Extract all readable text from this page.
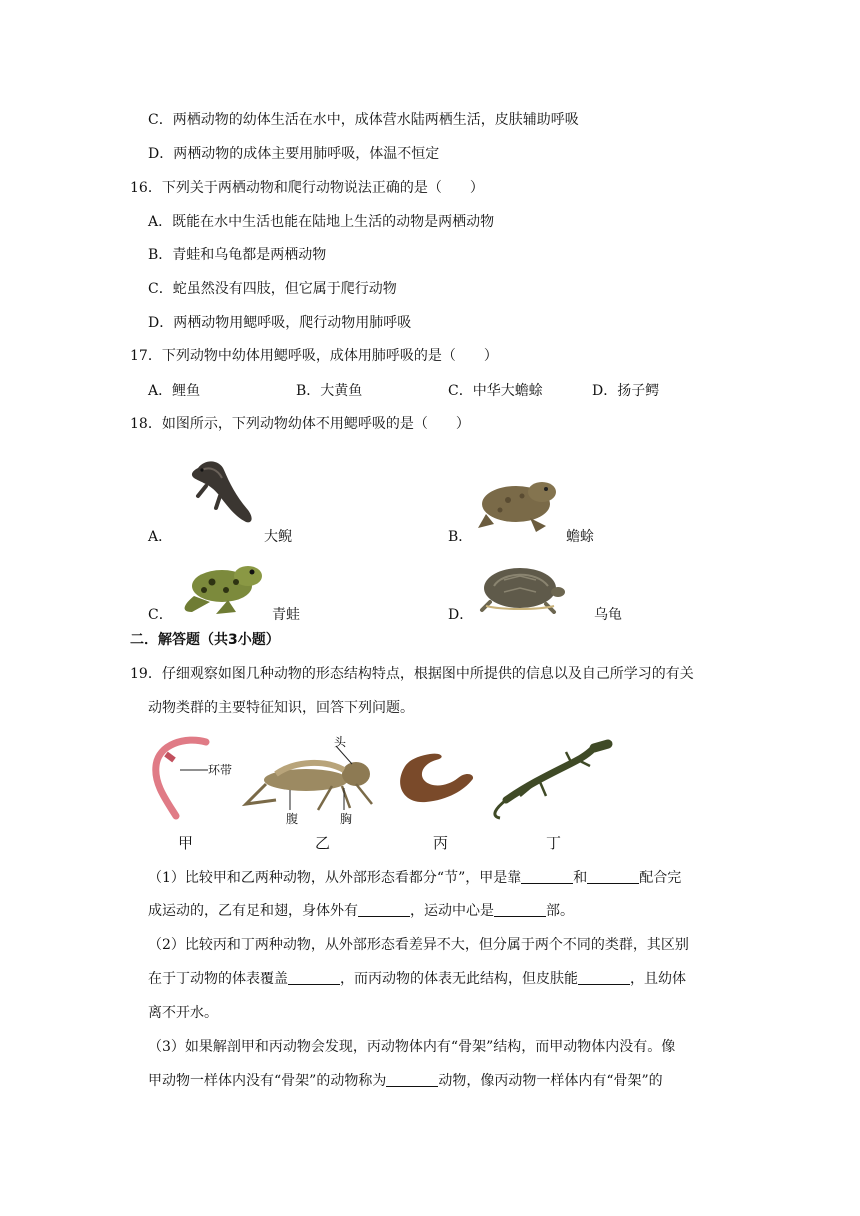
C．两栖动物的幼体生活在水中，成体营水陆两栖生活，皮肤辅助呼吸
D．两栖动物的成体主要用肺呼吸，体温不恒定
16．下列关于两栖动物和爬行动物说法正确的是（　　）
A．既能在水中生活也能在陆地上生活的动物是两栖动物
B．青蛙和乌龟都是两栖动物
C．蛇虽然没有四肢，但它属于爬行动物
D．两栖动物用鳃呼吸，爬行动物用肺呼吸
17．下列动物中幼体用鳃呼吸，成体用肺呼吸的是（　　）
A．鲤鱼	B．大黄鱼	C．中华大蟾蜍	D．扬子鳄
18．如图所示，下列动物幼体不用鳃呼吸的是（　　）
A．	大鲵	B．	蟾蜍
C．	青蛙	D．	乌龟
二．解答题（共3小题）
19．仔细观察如图几种动物的形态结构特点，根据图中所提供的信息以及自己所学习的有关
动物类群的主要特征知识，回答下列问题。
环带
头
腹	胸
甲	乙	丙	丁
（1）比较甲和乙两种动物，从外部形态看都分“节”，甲是靠	和	配合完
成运动的，乙有足和翅，身体外有	，运动中心是	部。
（2）比较丙和丁两种动物，从外部形态看差异不大，但分属于两个不同的类群，其区别
在于丁动物的体表覆盖	，而丙动物的体表无此结构，但皮肤能	，且幼体
离不开水。
（3）如果解剖甲和丙动物会发现，丙动物体内有“骨架”结构，而甲动物体内没有。像
甲动物一样体内没有“骨架”的动物称为	动物，像丙动物一样体内有“骨架”的
